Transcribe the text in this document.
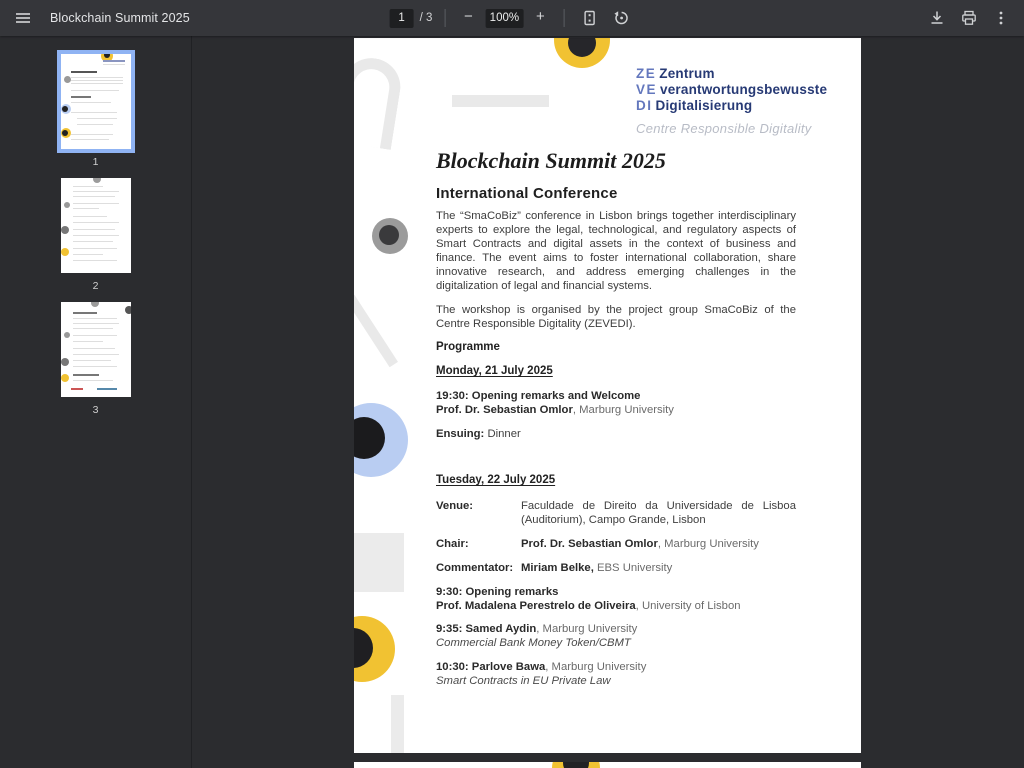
Blockchain Summit 2025
1	/ 3	−
100%	+
1
2
3
ZE Zentrum
VE verantwortungsbewusste
DI Digitalisierung
Centre Responsible Digitality
Blockchain Summit 2025
International Conference
The “SmaCoBiz” conference in Lisbon brings together interdisciplinary experts to explore the legal, technological, and regulatory aspects of Smart Contracts and digital assets in the context of business and finance. The event aims to foster international collaboration, share innovative research, and address emerging challenges in the digitalization of legal and financial systems.
The workshop is organised by the project group SmaCoBiz of the Centre Responsible Digitality (ZEVEDI).
Programme
Monday, 21 July 2025
19:30: Opening remarks and Welcome
Prof. Dr. Sebastian Omlor, Marburg University
Ensuing: Dinner
Tuesday, 22 July 2025
Venue:	Faculdade de Direito da Universidade de Lisboa (Auditorium), Campo Grande, Lisbon
Chair:	Prof. Dr. Sebastian Omlor, Marburg University
Commentator: Miriam Belke, EBS University
9:30: Opening remarks
Prof. Madalena Perestrelo de Oliveira, University of Lisbon
9:35: Samed Aydin, Marburg University
Commercial Bank Money Token/CBMT
10:30: Parlove Bawa, Marburg University
Smart Contracts in EU Private Law
